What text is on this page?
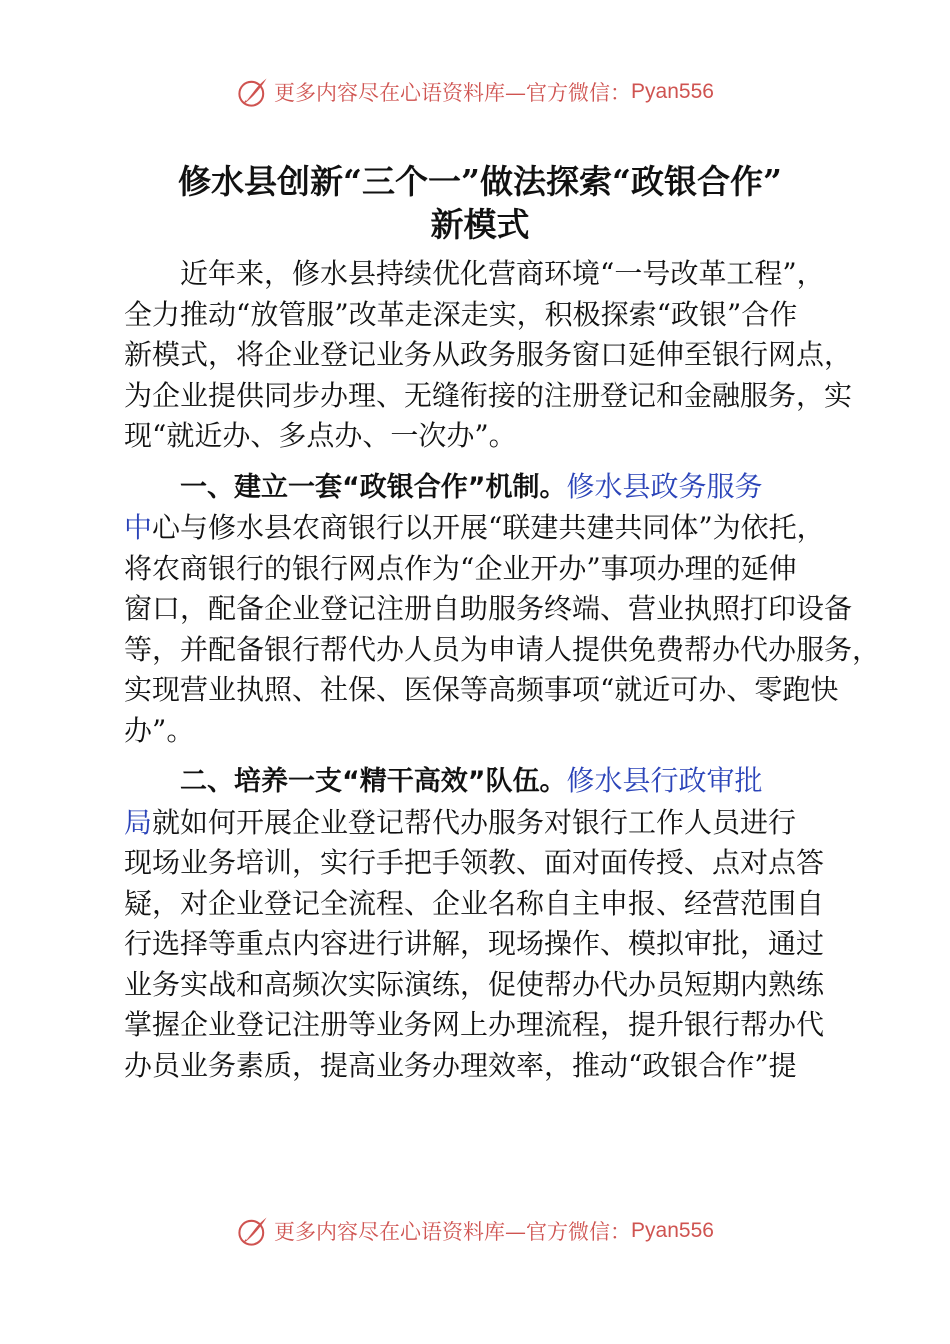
更多内容尽在心语资料库—官方微信： Pyan556
修水县创新“三个一”做法探索“政银合作”
新模式

近年来，修水县持续优化营商环境“一号改革工程”，
全力推动“放管服”改革走深走实，积极探索“政银”合作
新模式，将企业登记业务从政务服务窗口延伸至银行网点，
为企业提供同步办理、无缝衔接的注册登记和金融服务，实
现“就近办、多点办、一次办”。

一、建立一套“政银合作”机制。修水县政务服务
中心与修水县农商银行以开展“联建共建共同体”为依托，
将农商银行的银行网点作为“企业开办”事项办理的延伸
窗口，配备企业登记注册自助服务终端、营业执照打印设备
等，并配备银行帮代办人员为申请人提供免费帮办代办服务，
实现营业执照、社保、医保等高频事项“就近可办、零跑快
办”。

二、培养一支“精干高效”队伍。修水县行政审批
局就如何开展企业登记帮代办服务对银行工作人员进行
现场业务培训，实行手把手领教、面对面传授、点对点答
疑，对企业登记全流程、企业名称自主申报、经营范围自
行选择等重点内容进行讲解，现场操作、模拟审批，通过
业务实战和高频次实际演练，促使帮办代办员短期内熟练
掌握企业登记注册等业务网上办理流程，提升银行帮办代
办员业务素质，提高业务办理效率，推动“政银合作”提

更多内容尽在心语资料库—官方微信： Pyan556
